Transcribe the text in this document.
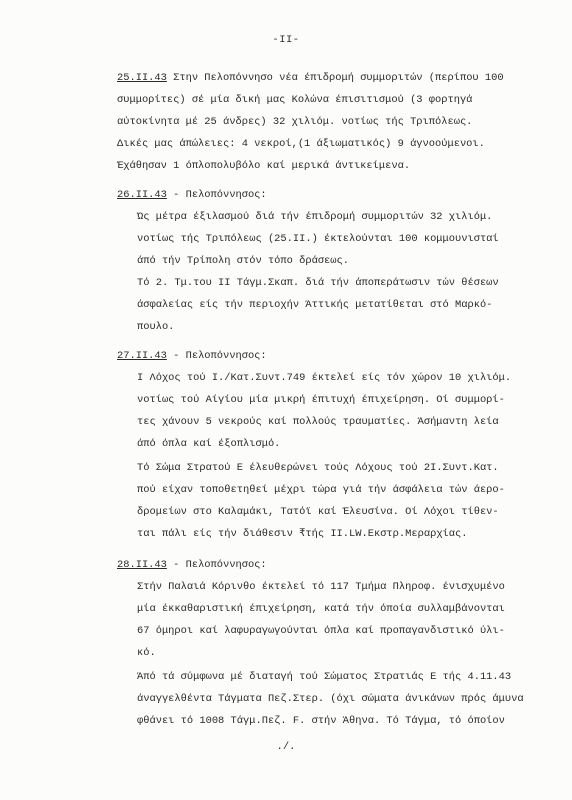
-II-
25.II.43 Στην Πελοπόννησο νέα έπιδρομή συμμοριτών (περίπου 100
συμμορίτες) σέ μία δική μας Κολώνα έπισιτισμού (3 φορτηγά
αύτοκίνητα μέ 25 άνδρες) 32 χιλιόμ. νοτίως τής Τριπόλεως.
Δικές μας άπώλειες: 4 νεκροί,(1 άξιωματικός) 9 άγνοούμενοι.
Έχάθησαν 1 όπλοπολυβόλο καί μερικά άντικείμενα.
26.II.43 - Πελοπόννησος:
Ώς μέτρα έξιλασμού διά τήν έπιδρομή συμμοριτών 32 χιλιόμ.
νοτίως τής Τριπόλεως (25.II.) έκτελούνται 100 κομμουνισταί
άπό τήν Τρίπολη στόν τόπο δράσεως.
Τό 2. Τμ.του II Τάγμ.Σκαπ. διά τήν άποπεράτωσιν τών θέσεων
άσφαλείας είς τήν περιοχήν Άττικής μετατίθεται στό Μαρκό-
πουλο.
27.II.43 - Πελοπόννησος:
I Λόχος τού I./Κατ.Συντ.749 έκτελεί είς τόν χώρον 10 χιλιόμ.
νοτίως τού Αίγίου μία μικρή έπιτυχή έπιχείρηση. Οί συμμορί-
τες χάνουν 5 νεκρούς καί πολλούς τραυματίες. Άσήμαντη λεία
άπό όπλα καί έξοπλισμό.
Τό Σώμα Στρατού Ε έλευθερώνει τούς Λόχους τού 2Ι.Συντ.Κατ.
πού είχαν τοποθετηθεί μέχρι τώρα γιά τήν άσφάλεια τών άερο-
δρομείων στο Καλαμάκι, Τατόϊ καί Έλευσίνα. Οί Λόχοι τίθεν-
ται πάλι είς τήν διάθεσιν ₹τής II.LW.Εκστρ.Μεραρχίας.
28.II.43 - Πελοπόννησος:
Στήν Παλαιά Κόρινθο έκτελεί τό 117 Τμήμα Πληροφ. ένισχυμένο
μία έκκαθαριστική έπιχείρηση, κατά τήν όποία συλλαμβάνονται
67 όμηροι καί λαφυραγωγούνται όπλα καί προπαγανδιστικό ύλι-
κό.
Άπό τά σύμφωνα μέ διαταγή τού Σώματος Στρατιάς Ε τής 4.11.43
άναγγελθέντα Τάγματα Πεζ.Στερ. (όχι σώματα άνικάνων πρός άμυνα
φθάνει τό 1008 Τάγμ.Πεζ. F. στήν Άθηνα. Τό Τάγμα, τό όποίον
./.
